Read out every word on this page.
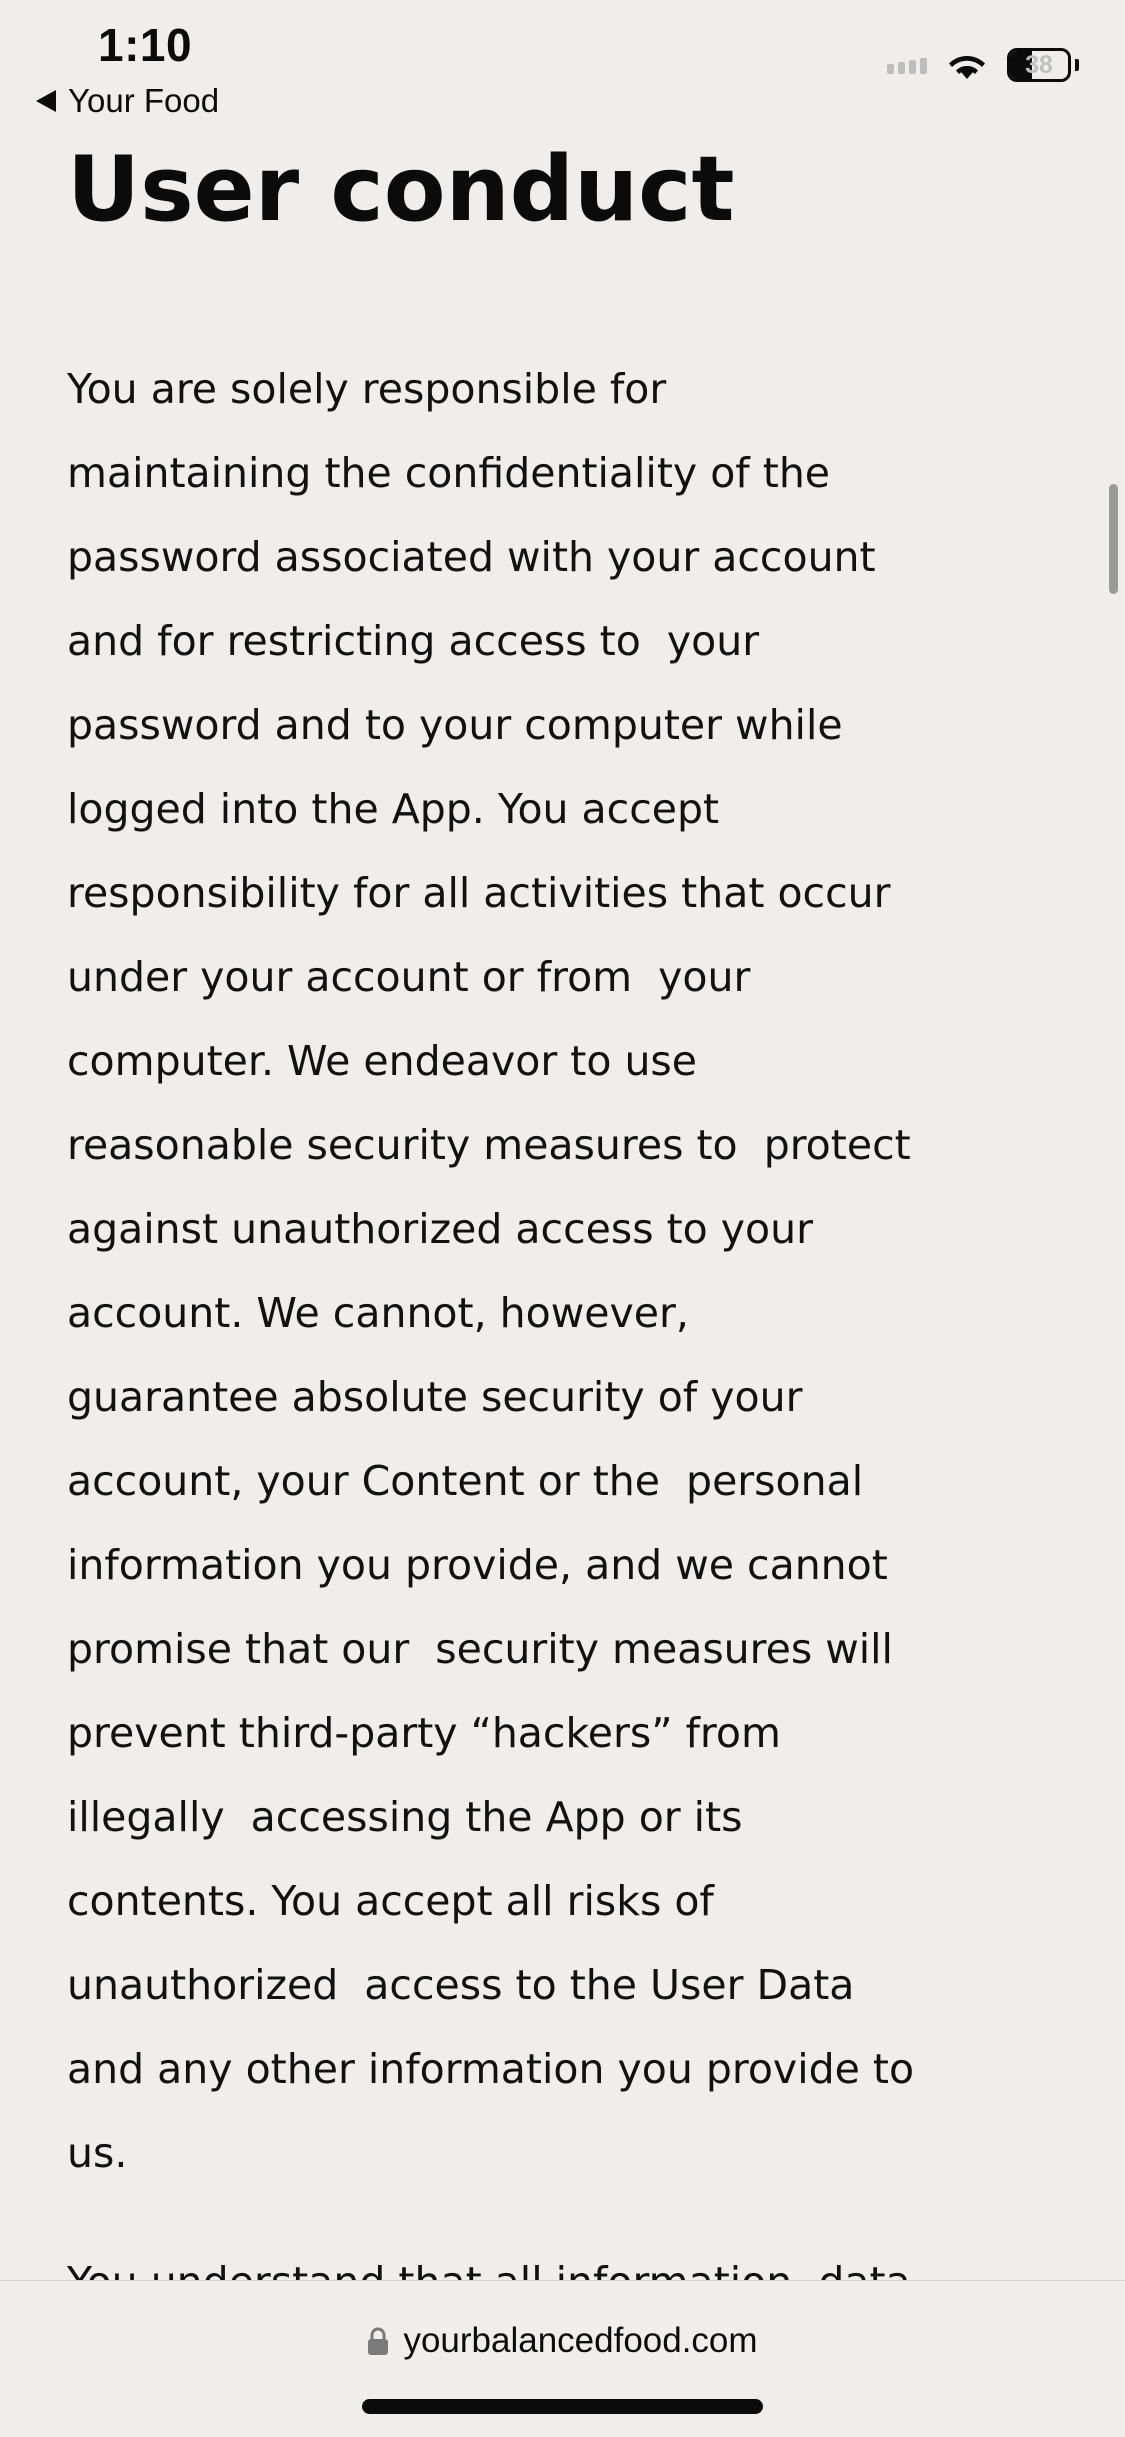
1:10
Your Food
38
User conduct

You are solely responsible for
maintaining the confidentiality of the
password associated with your account
and for restricting access to  your
password and to your computer while
logged into the App. You accept
responsibility for all activities that occur
under your account or from  your
computer. We endeavor to use
reasonable security measures to  protect
against unauthorized access to your
account. We cannot, however,
guarantee absolute security of your
account, your Content or the  personal
information you provide, and we cannot
promise that our  security measures will
prevent third-party “hackers” from
illegally  accessing the App or its
contents. You accept all risks of
unauthorized  access to the User Data
and any other information you provide to
us.

yourbalancedfood.com
